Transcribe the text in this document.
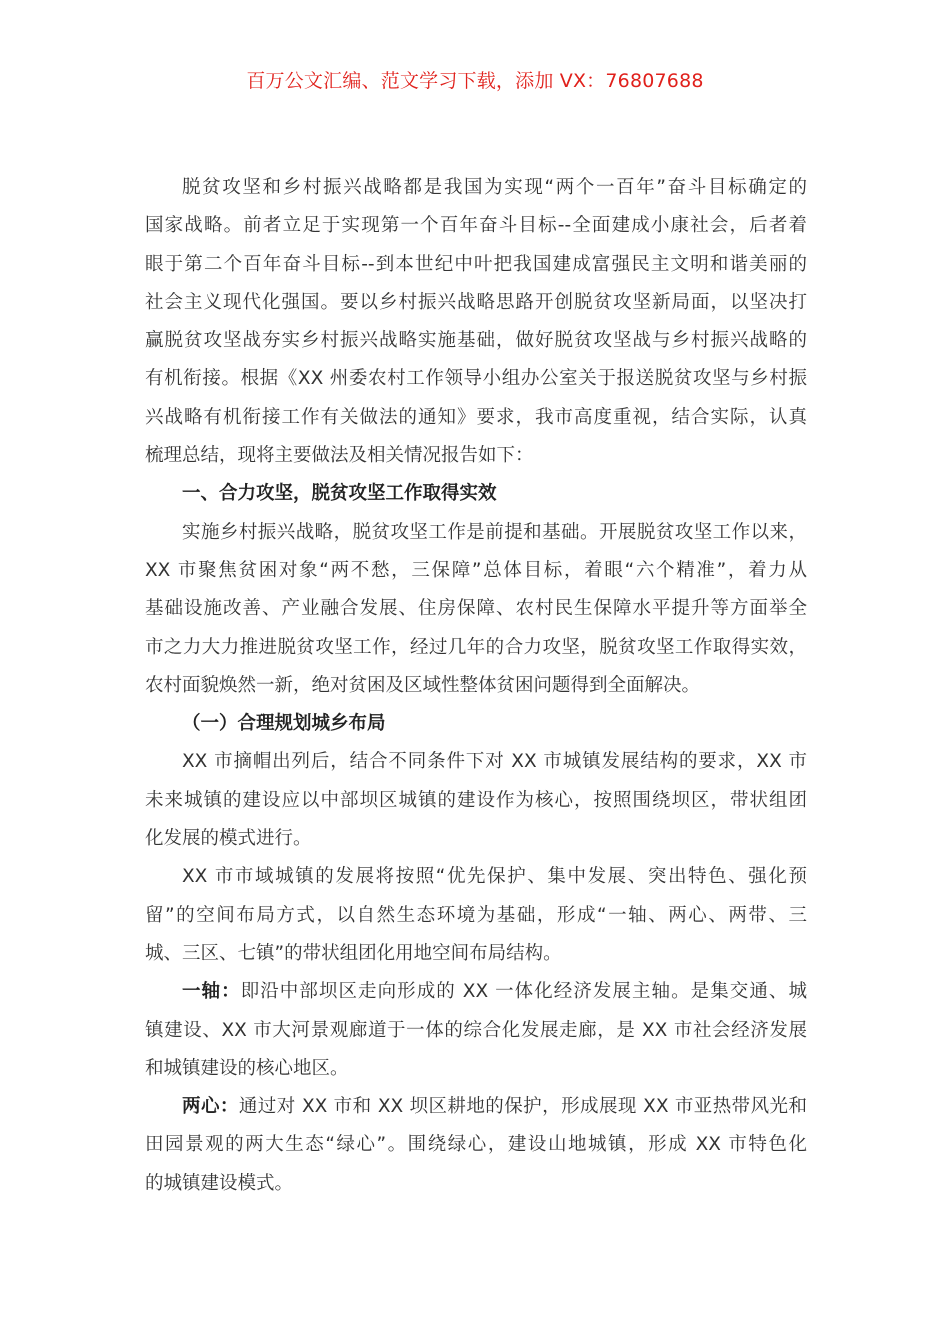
百万公文汇编、范文学习下载，添加 VX：76807688
脱贫攻坚和乡村振兴战略都是我国为实现“两个一百年”奋斗目标确定的
国家战略。前者立足于实现第一个百年奋斗目标--全面建成小康社会，后者着
眼于第二个百年奋斗目标--到本世纪中叶把我国建成富强民主文明和谐美丽的
社会主义现代化强国。要以乡村振兴战略思路开创脱贫攻坚新局面，以坚决打
赢脱贫攻坚战夯实乡村振兴战略实施基础，做好脱贫攻坚战与乡村振兴战略的
有机衔接。根据《XX 州委农村工作领导小组办公室关于报送脱贫攻坚与乡村振
兴战略有机衔接工作有关做法的通知》要求，我市高度重视，结合实际，认真
梳理总结，现将主要做法及相关情况报告如下：
一、合力攻坚，脱贫攻坚工作取得实效
实施乡村振兴战略，脱贫攻坚工作是前提和基础。开展脱贫攻坚工作以来，
XX 市聚焦贫困对象“两不愁，三保障”总体目标，着眼“六个精准”，着力从
基础设施改善、产业融合发展、住房保障、农村民生保障水平提升等方面举全
市之力大力推进脱贫攻坚工作，经过几年的合力攻坚，脱贫攻坚工作取得实效，
农村面貌焕然一新，绝对贫困及区域性整体贫困问题得到全面解决。
（一）合理规划城乡布局
XX 市摘帽出列后，结合不同条件下对 XX 市城镇发展结构的要求，XX 市
未来城镇的建设应以中部坝区城镇的建设作为核心，按照围绕坝区，带状组团
化发展的模式进行。
XX 市市域城镇的发展将按照“优先保护、集中发展、突出特色、强化预
留”的空间布局方式，以自然生态环境为基础，形成“一轴、两心、两带、三
城、三区、七镇”的带状组团化用地空间布局结构。
一轴：即沿中部坝区走向形成的 XX 一体化经济发展主轴。是集交通、城
镇建设、XX 市大河景观廊道于一体的综合化发展走廊，是 XX 市社会经济发展
和城镇建设的核心地区。
两心：通过对 XX 市和 XX 坝区耕地的保护，形成展现 XX 市亚热带风光和
田园景观的两大生态“绿心”。围绕绿心，建设山地城镇，形成 XX 市特色化
的城镇建设模式。
